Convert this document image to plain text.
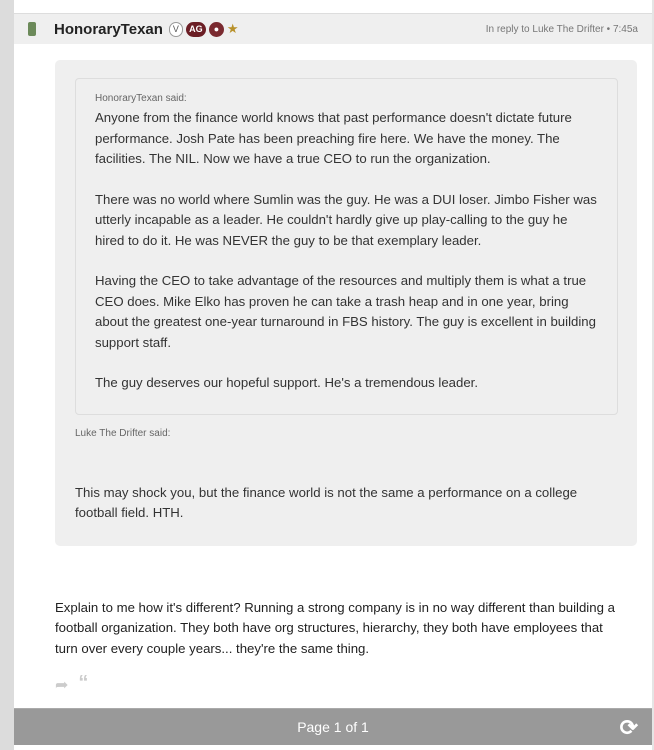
HonoraryTexan	V	AG	● ★	In reply to Luke The Drifter • 7:45a
HonoraryTexan said:

Anyone from the finance world knows that past performance doesn't dictate future performance. Josh Pate has been preaching fire here. We have the money. The facilities. The NIL. Now we have a true CEO to run the organization.

There was no world where Sumlin was the guy. He was a DUI loser. Jimbo Fisher was utterly incapable as a leader. He couldn't hardly give up play-calling to the guy he hired to do it. He was NEVER the guy to be that exemplary leader.

Having the CEO to take advantage of the resources and multiply them is what a true CEO does. Mike Elko has proven he can take a trash heap and in one year, bring about the greatest one-year turnaround in FBS history. The guy is excellent in building support staff.

The guy deserves our hopeful support. He's a tremendous leader.

Luke The Drifter said:
This may shock you, but the finance world is not the same a performance on a college football field. HTH.
Explain to me how it's different? Running a strong company is in no way different than building a football organization. They both have org structures, hierarchy, they both have employees that turn over every couple years... they're the same thing.
➦ “
Page 1 of 1	⟳
